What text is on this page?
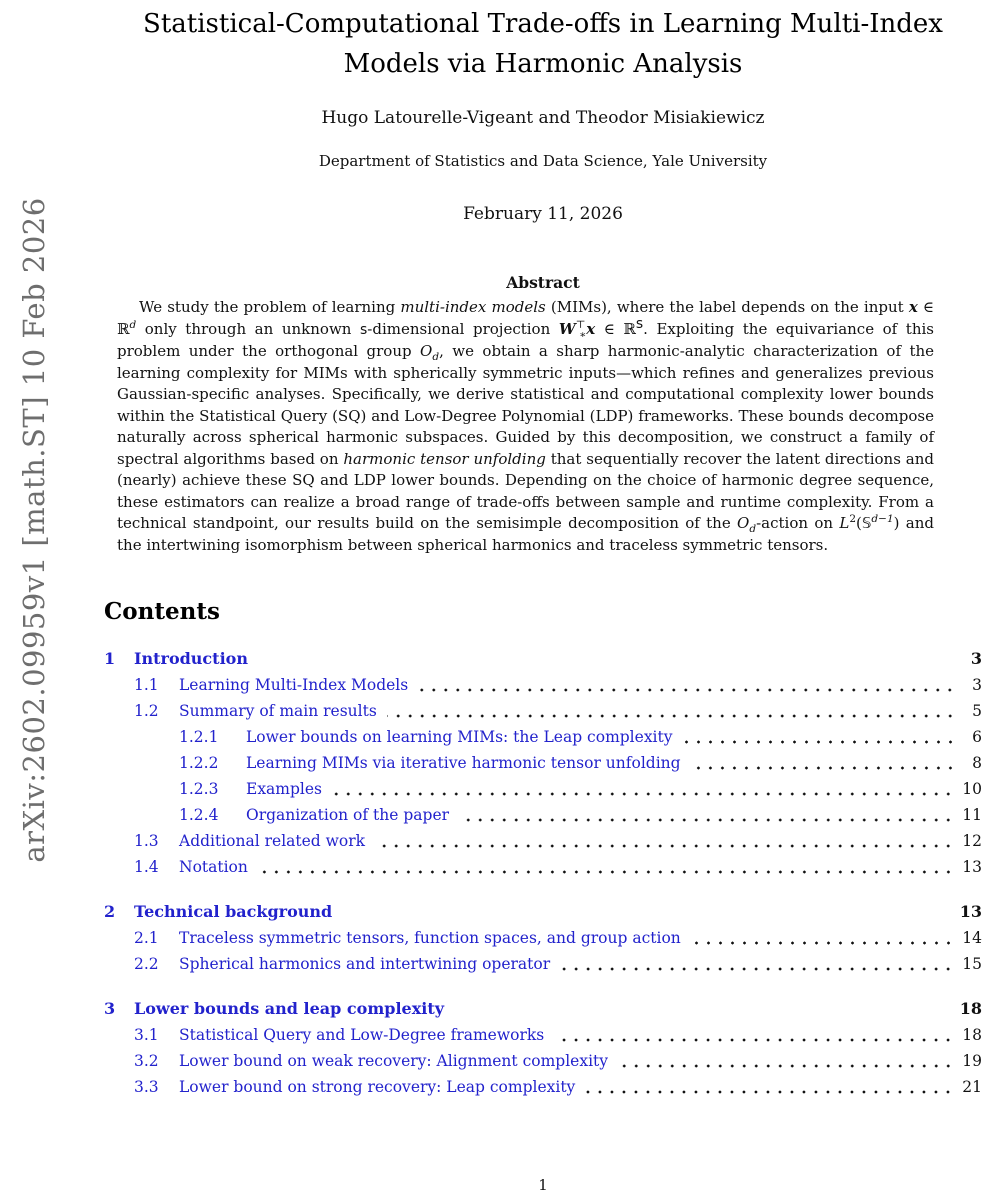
arXiv:2602.09959v1 [math.ST] 10 Feb 2026
Statistical-Computational Trade-offs in Learning Multi-Index
Models via Harmonic Analysis
Hugo Latourelle-Vigeant and Theodor Misiakiewicz
Department of Statistics and Data Science, Yale University
February 11, 2026
Abstract

We study the problem of learning multi-index models (MIMs), where the label depends on the input x ∈ ℝ$^d$ only through an unknown s-dimensional projection $W^⊤_∗x$ ∈ ℝs. Exploiting the equivariance of this problem under the orthogonal group $O_d$, we obtain a sharp harmonic-analytic characterization of the learning complexity for MIMs with spherically symmetric inputs—which refines and generalizes previous Gaussian-specific analyses. Specifically, we derive statistical and computational complexity lower bounds within the Statistical Query (SQ) and Low-Degree Polynomial (LDP) frameworks. These bounds decompose naturally across spherical harmonic subspaces. Guided by this decomposition, we construct a family of spectral algorithms based on harmonic tensor unfolding that sequentially recover the latent directions and (nearly) achieve these SQ and LDP lower bounds. Depending on the choice of harmonic degree sequence, these estimators can realize a broad range of trade-offs between sample and runtime complexity. From a technical standpoint, our results build on the semisimple decomposition of the $O_d$-action on $L^2(𝕊^{d-1})$ and the intertwining isomorphism between spherical harmonics and traceless symmetric tensors.

Contents
1	Introduction	3
1.1	Learning Multi-Index Models	3
1.2	Summary of main results	5
1.2.1	Lower bounds on learning MIMs: the Leap complexity	6
1.2.2	Learning MIMs via iterative harmonic tensor unfolding	8
1.2.3	Examples	10
1.2.4	Organization of the paper	11
1.3	Additional related work	12
1.4	Notation	13
2	Technical background	13
2.1	Traceless symmetric tensors, function spaces, and group action	14
2.2	Spherical harmonics and intertwining operator	15
3	Lower bounds and leap complexity	18
3.1	Statistical Query and Low-Degree frameworks	18
3.2	Lower bound on weak recovery: Alignment complexity	19
3.3	Lower bound on strong recovery: Leap complexity	21
1
